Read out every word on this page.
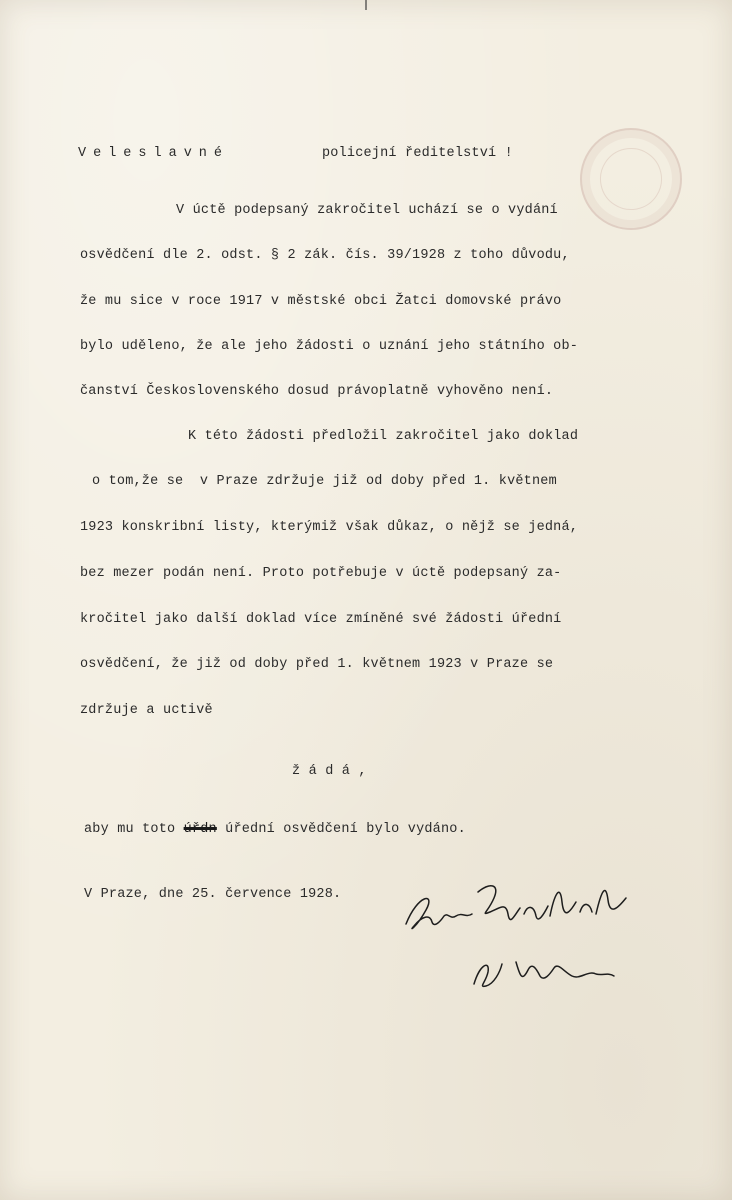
Veleslavné	policejní ředitelství !
V úctě podepsaný zakročitel uchází se o vydání
osvědčení dle 2. odst. § 2 zák. čís. 39/1928 z toho důvodu,
že mu sice v roce 1917 v městské obci Žatci domovské právo
bylo uděleno, že ale jeho žádosti o uznání jeho státního ob-
čanství Československého dosud právoplatně vyhověno není.
K této žádosti předložil zakročitel jako doklad
o tom,že se  v Praze zdržuje již od doby před 1. květnem
1923 konskribní listy, kterýmiž však důkaz, o nějž se jedná,
bez mezer podán není. Proto potřebuje v úctě podepsaný za-
kročitel jako další doklad více zmíněné své žádosti úřední
osvědčení, že již od doby před 1. květnem 1923 v Praze se
zdržuje a uctivě
ž á d á ,
aby mu toto úřdn úřední osvědčení bylo vydáno.
V Praze, dne 25. července 1928.
